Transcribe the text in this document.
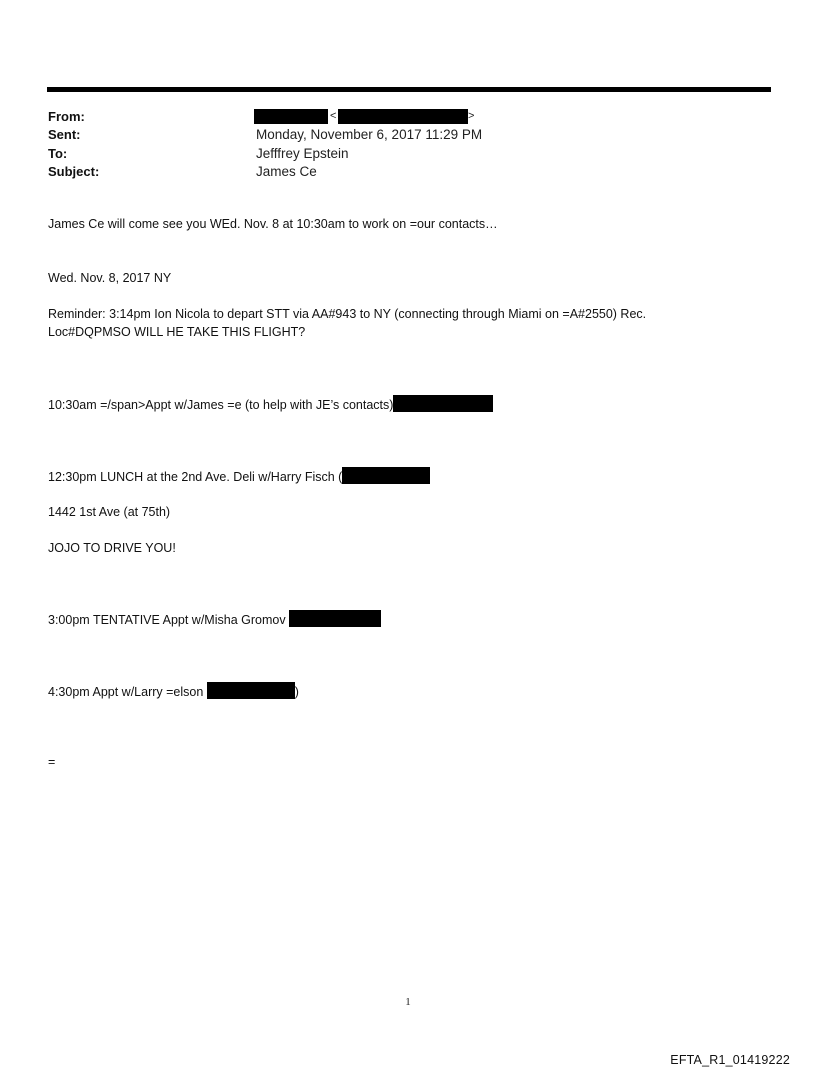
From:
Sent:
To:
Subject:
<	>
Monday, November 6, 2017 11:29 PM
Jefffrey Epstein
James Ce
James Ce will come see you WEd. Nov. 8 at 10:30am to work on =our contacts…
Wed. Nov. 8, 2017 NY
Reminder: 3:14pm Ion Nicola to depart STT via AA#943 to NY (connecting through Miami on =A#2550) Rec.
Loc#DQPMSO WILL HE TAKE THIS FLIGHT?
10:30am =/span>Appt w/James =e (to help with JE’s contacts)
12:30pm LUNCH at the 2nd Ave. Deli w/Harry Fisch (
1442 1st Ave (at 75th)
JOJO TO DRIVE YOU!
3:00pm TENTATIVE Appt w/Misha Gromov
4:30pm Appt w/Larry =elson	)
=
1
EFTA_R1_01419222
